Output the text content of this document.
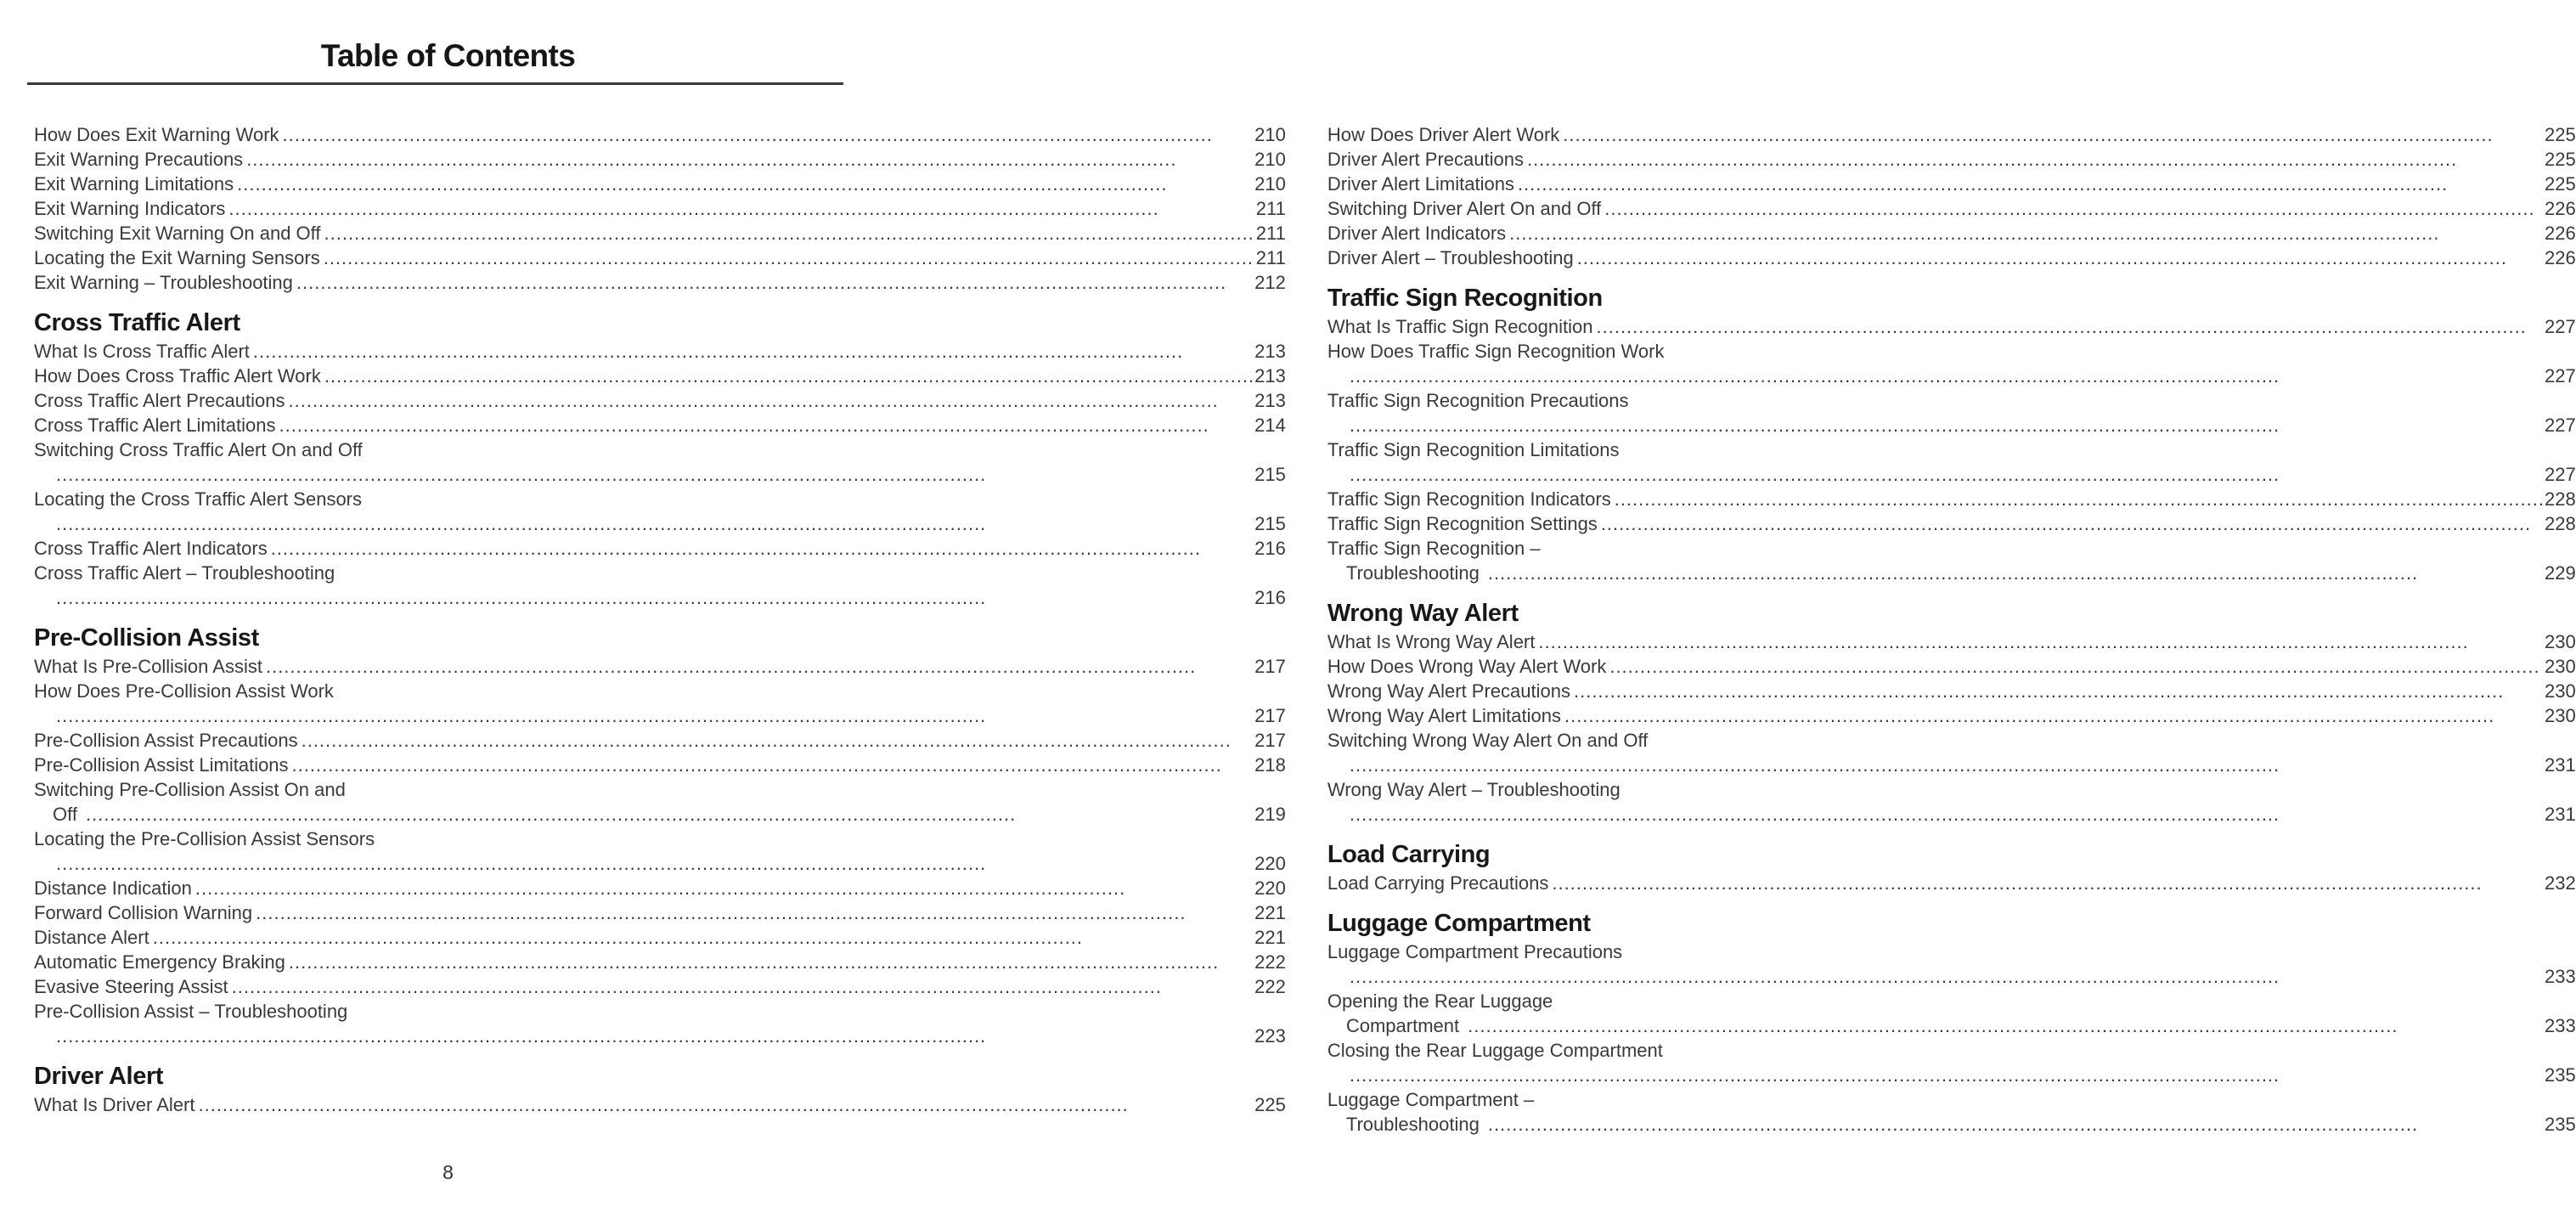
Table of Contents
How Does Exit Warning Work .....	210
Exit Warning Precautions .....	210
Exit Warning Limitations .....	210
Exit Warning Indicators .....	211
Switching Exit Warning On and Off .....	211
Locating the Exit Warning Sensors .....	211
Exit Warning – Troubleshooting .....	212
Cross Traffic Alert
What Is Cross Traffic Alert .....	213
How Does Cross Traffic Alert Work .....	213
Cross Traffic Alert Precautions .....	213
Cross Traffic Alert Limitations .....	214
Switching Cross Traffic Alert On and Off
.....
215
Locating the Cross Traffic Alert Sensors
.....
215
Cross Traffic Alert Indicators .....	216
Cross Traffic Alert – Troubleshooting
.....
216
Pre-Collision Assist
What Is Pre-Collision Assist .....	217
How Does Pre-Collision Assist Work
.....
217
Pre-Collision Assist Precautions .....	217
Pre-Collision Assist Limitations .....	218
Switching Pre-Collision Assist On and
Off .....	219
Locating the Pre-Collision Assist Sensors
.....
220
Distance Indication .....	220
Forward Collision Warning .....	221
Distance Alert .....	221
Automatic Emergency Braking .....	222
Evasive Steering Assist .....	222
Pre-Collision Assist – Troubleshooting
.....
223
Driver Alert
What Is Driver Alert .....	225
How Does Driver Alert Work .....	225
Driver Alert Precautions .....	225
Driver Alert Limitations .....	225
Switching Driver Alert On and Off .....	226
Driver Alert Indicators .....	226
Driver Alert – Troubleshooting .....	226
Traffic Sign Recognition
What Is Traffic Sign Recognition .....	227
How Does Traffic Sign Recognition Work
.....
227
Traffic Sign Recognition Precautions
.....
227
Traffic Sign Recognition Limitations
.....
227
Traffic Sign Recognition Indicators .....	228
Traffic Sign Recognition Settings .....	228
Traffic Sign Recognition –
Troubleshooting .....	229
Wrong Way Alert
What Is Wrong Way Alert .....	230
How Does Wrong Way Alert Work .....	230
Wrong Way Alert Precautions .....	230
Wrong Way Alert Limitations .....	230
Switching Wrong Way Alert On and Off
.....
231
Wrong Way Alert – Troubleshooting
.....
231
Load Carrying
Load Carrying Precautions .....	232
Luggage Compartment
Luggage Compartment Precautions
.....
233
Opening the Rear Luggage
Compartment .....	233
Closing the Rear Luggage Compartment
.....
235
Luggage Compartment –
Troubleshooting .....	235
8
